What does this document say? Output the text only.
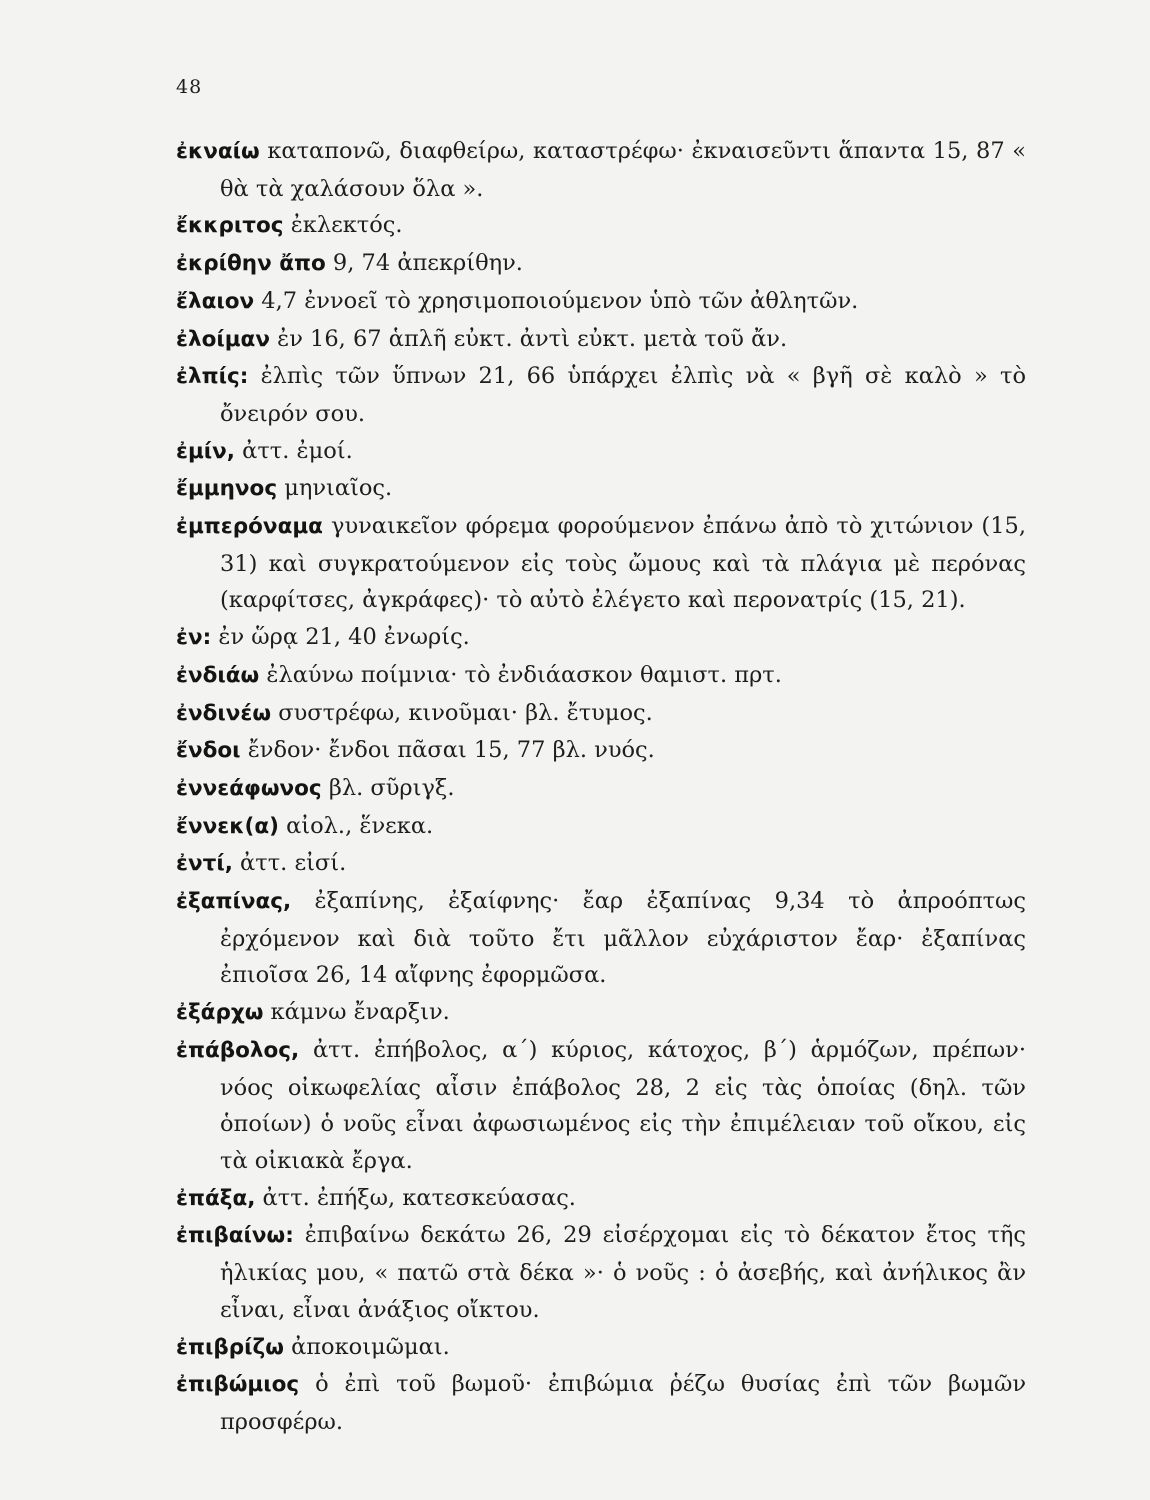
48
ἐκναίω καταπονῶ, διαφθείρω, καταστρέφω· ἐκναισεῦντι ἅπαντα 15, 87 « θὰ τὰ χαλάσουν ὅλα ».
ἔκκριτος ἐκλεκτός.
ἐκρίθην ἄπο 9, 74 ἀπεκρίθην.
ἔλαιον 4,7 ἐννοεῖ τὸ χρησιμοποιούμενον ὑπὸ τῶν ἀθλητῶν.
ἐλοίμαν ἐν 16, 67 ἁπλῆ εὐκτ. ἀντὶ εὐκτ. μετὰ τοῦ ἄν.
ἐλπίς: ἐλπὶς τῶν ὕπνων 21, 66 ὑπάρχει ἐλπὶς νὰ « βγῆ σὲ καλὸ » τὸ ὄνειρόν σου.
ἐμίν, ἀττ. ἐμοί.
ἔμμηνος μηνιαῖος.
ἐμπερόναμα γυναικεῖον φόρεμα φορούμενον ἐπάνω ἀπὸ τὸ χιτώνιον (15, 31) καὶ συγκρατούμενον εἰς τοὺς ὤμους καὶ τὰ πλάγια μὲ περόνας (καρφίτσες, ἀγκράφες)· τὸ αὐτὸ ἐλέγετο καὶ περονατρίς (15, 21).
ἐν: ἐν ὥρᾳ 21, 40 ἐνωρίς.
ἐνδιάω ἐλαύνω ποίμνια· τὸ ἐνδιάασκον θαμιστ. πρτ.
ἐνδινέω συστρέφω, κινοῦμαι· βλ. ἔτυμος.
ἔνδοι ἔνδον· ἔνδοι πᾶσαι 15, 77 βλ. νυός.
ἐννεάφωνος βλ. σῦριγξ.
ἔννεκ(α) αἰολ., ἕνεκα.
ἐντί, ἀττ. εἰσί.
ἐξαπίνας, ἐξαπίνης, ἐξαίφνης· ἔαρ ἐξαπίνας 9,34 τὸ ἀπροόπτως ἐρχόμενον καὶ διὰ τοῦτο ἔτι μᾶλλον εὐχάριστον ἔαρ· ἐξαπίνας ἐπιοῖσα 26, 14 αἴφνης ἐφορμῶσα.
ἐξάρχω κάμνω ἔναρξιν.
ἐπάβολος, ἀττ. ἐπήβολος, α΄) κύριος, κάτοχος, β΄) ἁρμόζων, πρέπων· νόος οἰκωφελίας αἶσιν ἐπάβολος 28, 2 εἰς τὰς ὁποίας (δηλ. τῶν ὁποίων) ὁ νοῦς εἶναι ἀφωσιωμένος εἰς τὴν ἐπιμέλειαν τοῦ οἴκου, εἰς τὰ οἰκιακὰ ἔργα.
ἐπάξα, ἀττ. ἐπήξω, κατεσκεύασας.
ἐπιβαίνω: ἐπιβαίνω δεκάτω 26, 29 εἰσέρχομαι εἰς τὸ δέκατον ἔτος τῆς ἡλικίας μου, « πατῶ στὰ δέκα »· ὁ νοῦς : ὁ ἀσεβής, καὶ ἀνήλικος ἂν εἶναι, εἶναι ἀνάξιος οἴκτου.
ἐπιβρίζω ἀποκοιμῶμαι.
ἐπιβώμιος ὁ ἐπὶ τοῦ βωμοῦ· ἐπιβώμια ῥέζω θυσίας ἐπὶ τῶν βωμῶν προσφέρω.
